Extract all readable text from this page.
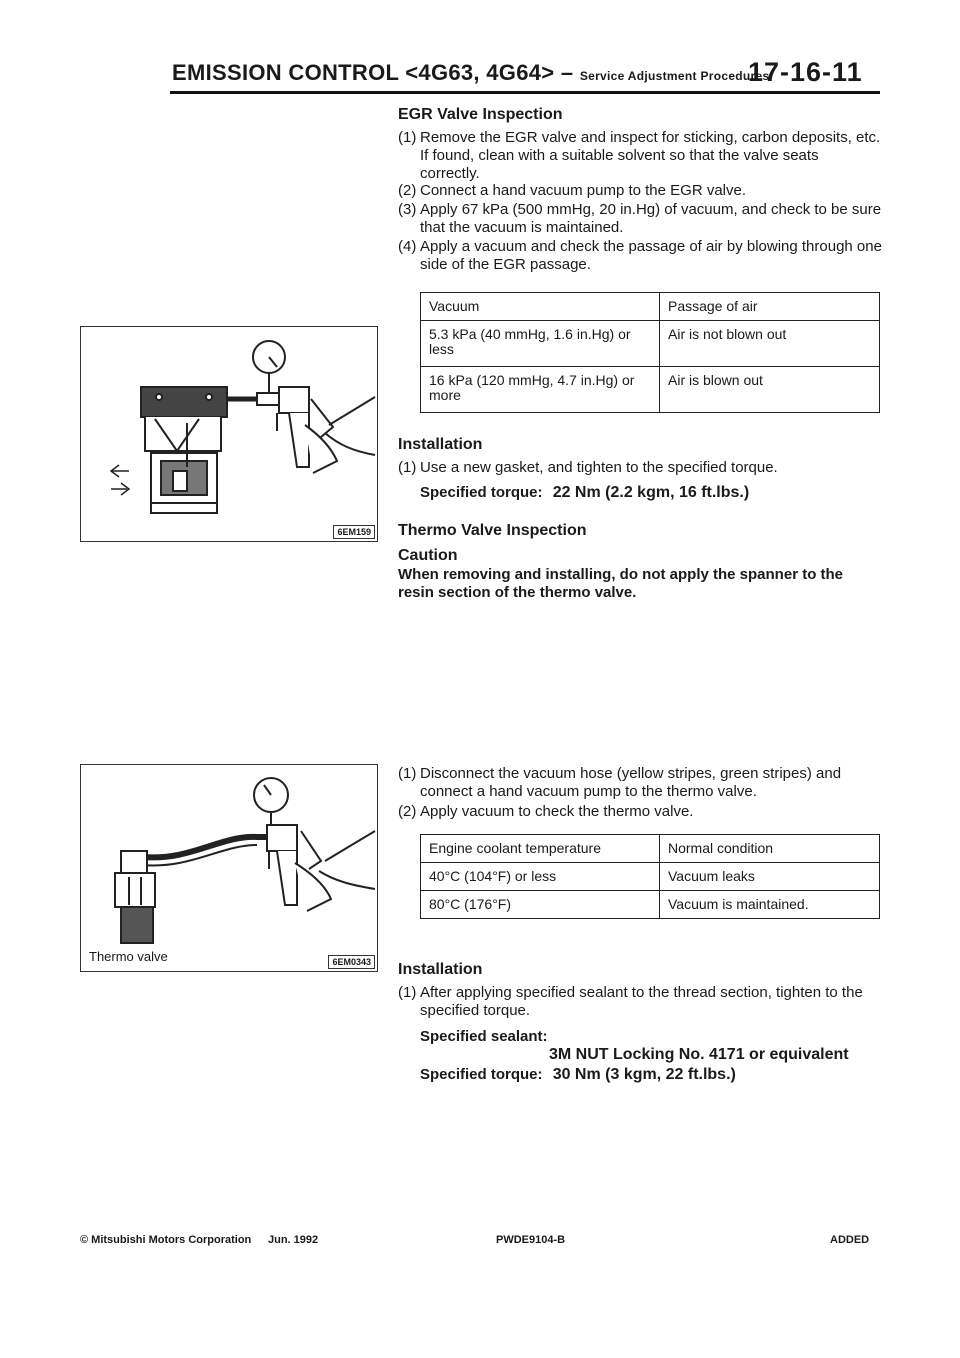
EMISSION CONTROL <4G63, 4G64> – Service Adjustment Procedures
17-16-11
EGR Valve Inspection
(1) Remove the EGR valve and inspect for sticking, carbon deposits, etc. If found, clean with a suitable solvent so that the valve seats correctly.
(2) Connect a hand vacuum pump to the EGR valve.
(3) Apply 67 kPa (500 mmHg, 20 in.Hg) of vacuum, and check to be sure that the vacuum is maintained.
(4) Apply a vacuum and check the passage of air by blowing through one side of the EGR passage.
Vacuum	Passage of air
5.3 kPa (40 mmHg, 1.6 in.Hg) or less	Air is not blown out
16 kPa (120 mmHg, 4.7 in.Hg) or more	Air is blown out
6EM159
Installation
(1) Use a new gasket, and tighten to the specified torque.
Specified torque: 22 Nm (2.2 kgm, 16 ft.lbs.)
Thermo Valve Inspection
Caution
When removing and installing, do not apply the spanner to the resin section of the thermo valve.
(1) Disconnect the vacuum hose (yellow stripes, green stripes) and connect a hand vacuum pump to the thermo valve.
(2) Apply vacuum to check the thermo valve.
Engine coolant temperature	Normal condition
40°C (104°F) or less	Vacuum leaks
80°C (176°F)	Vacuum is maintained.
Thermo valve	6EM0343 Installation
(1) After applying specified sealant to the thread section, tighten to the specified torque.
Specified sealant:
3M NUT Locking No. 4171 or equivalent
Specified torque: 30 Nm (3 kgm, 22 ft.lbs.)
© Mitsubishi Motors Corporation Jun. 1992	PWDE9104-B	ADDED
